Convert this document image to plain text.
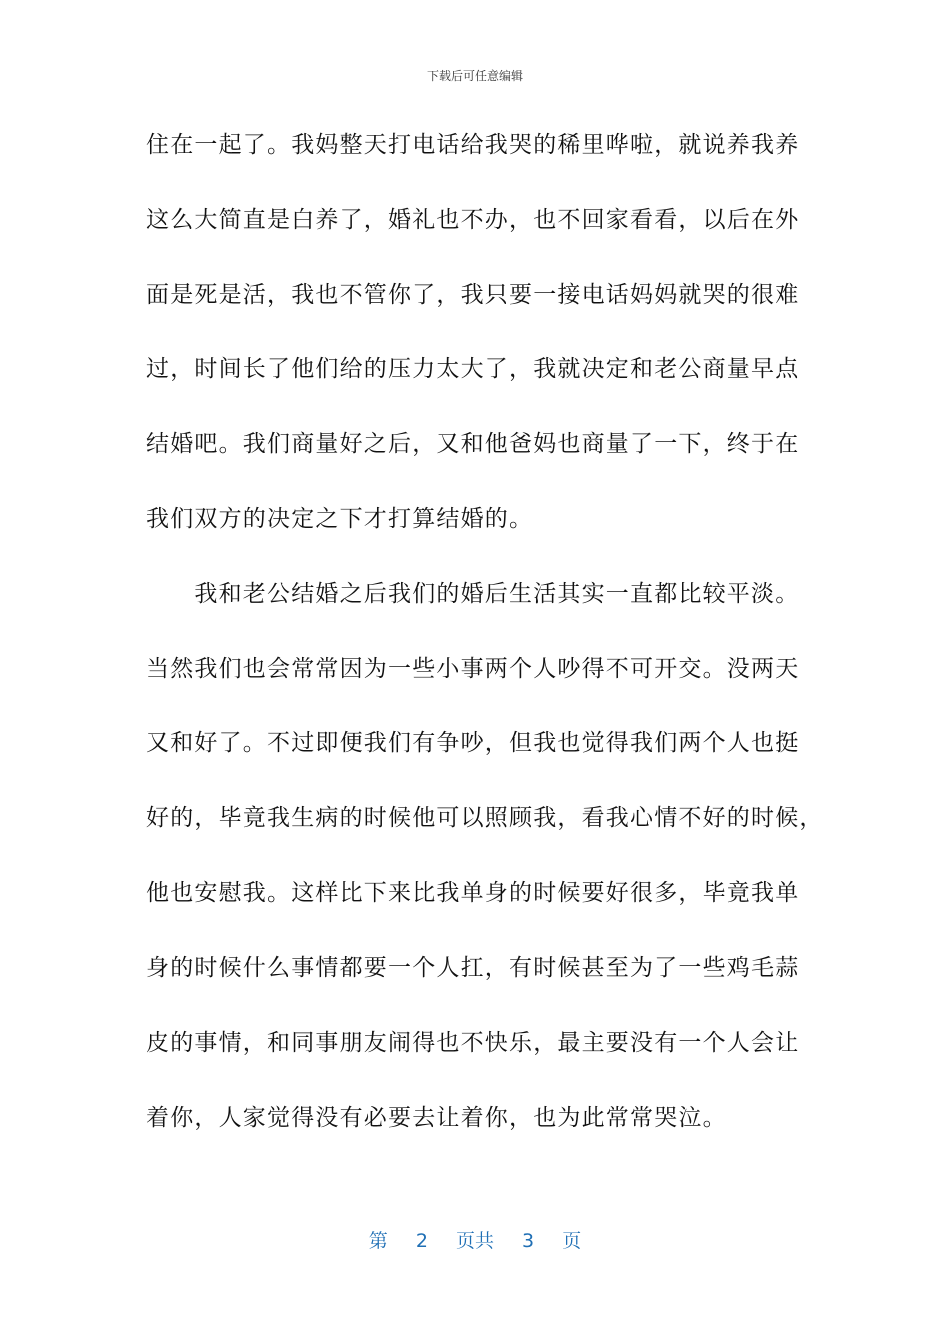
下载后可任意编辑
住在一起了。我妈整天打电话给我哭的稀里哗啦，就说养我养
这么大简直是白养了，婚礼也不办，也不回家看看，以后在外
面是死是活，我也不管你了，我只要一接电话妈妈就哭的很难
过，时间长了他们给的压力太大了，我就决定和老公商量早点
结婚吧。我们商量好之后，又和他爸妈也商量了一下，终于在
我们双方的决定之下才打算结婚的。
　　我和老公结婚之后我们的婚后生活其实一直都比较平淡。
当然我们也会常常因为一些小事两个人吵得不可开交。没两天
又和好了。不过即便我们有争吵，但我也觉得我们两个人也挺
好的，毕竟我生病的时候他可以照顾我，看我心情不好的时候，
他也安慰我。这样比下来比我单身的时候要好很多，毕竟我单
身的时候什么事情都要一个人扛，有时候甚至为了一些鸡毛蒜
皮的事情，和同事朋友闹得也不快乐，最主要没有一个人会让
着你，人家觉得没有必要去让着你，也为此常常哭泣。
第 2 页共 3 页
